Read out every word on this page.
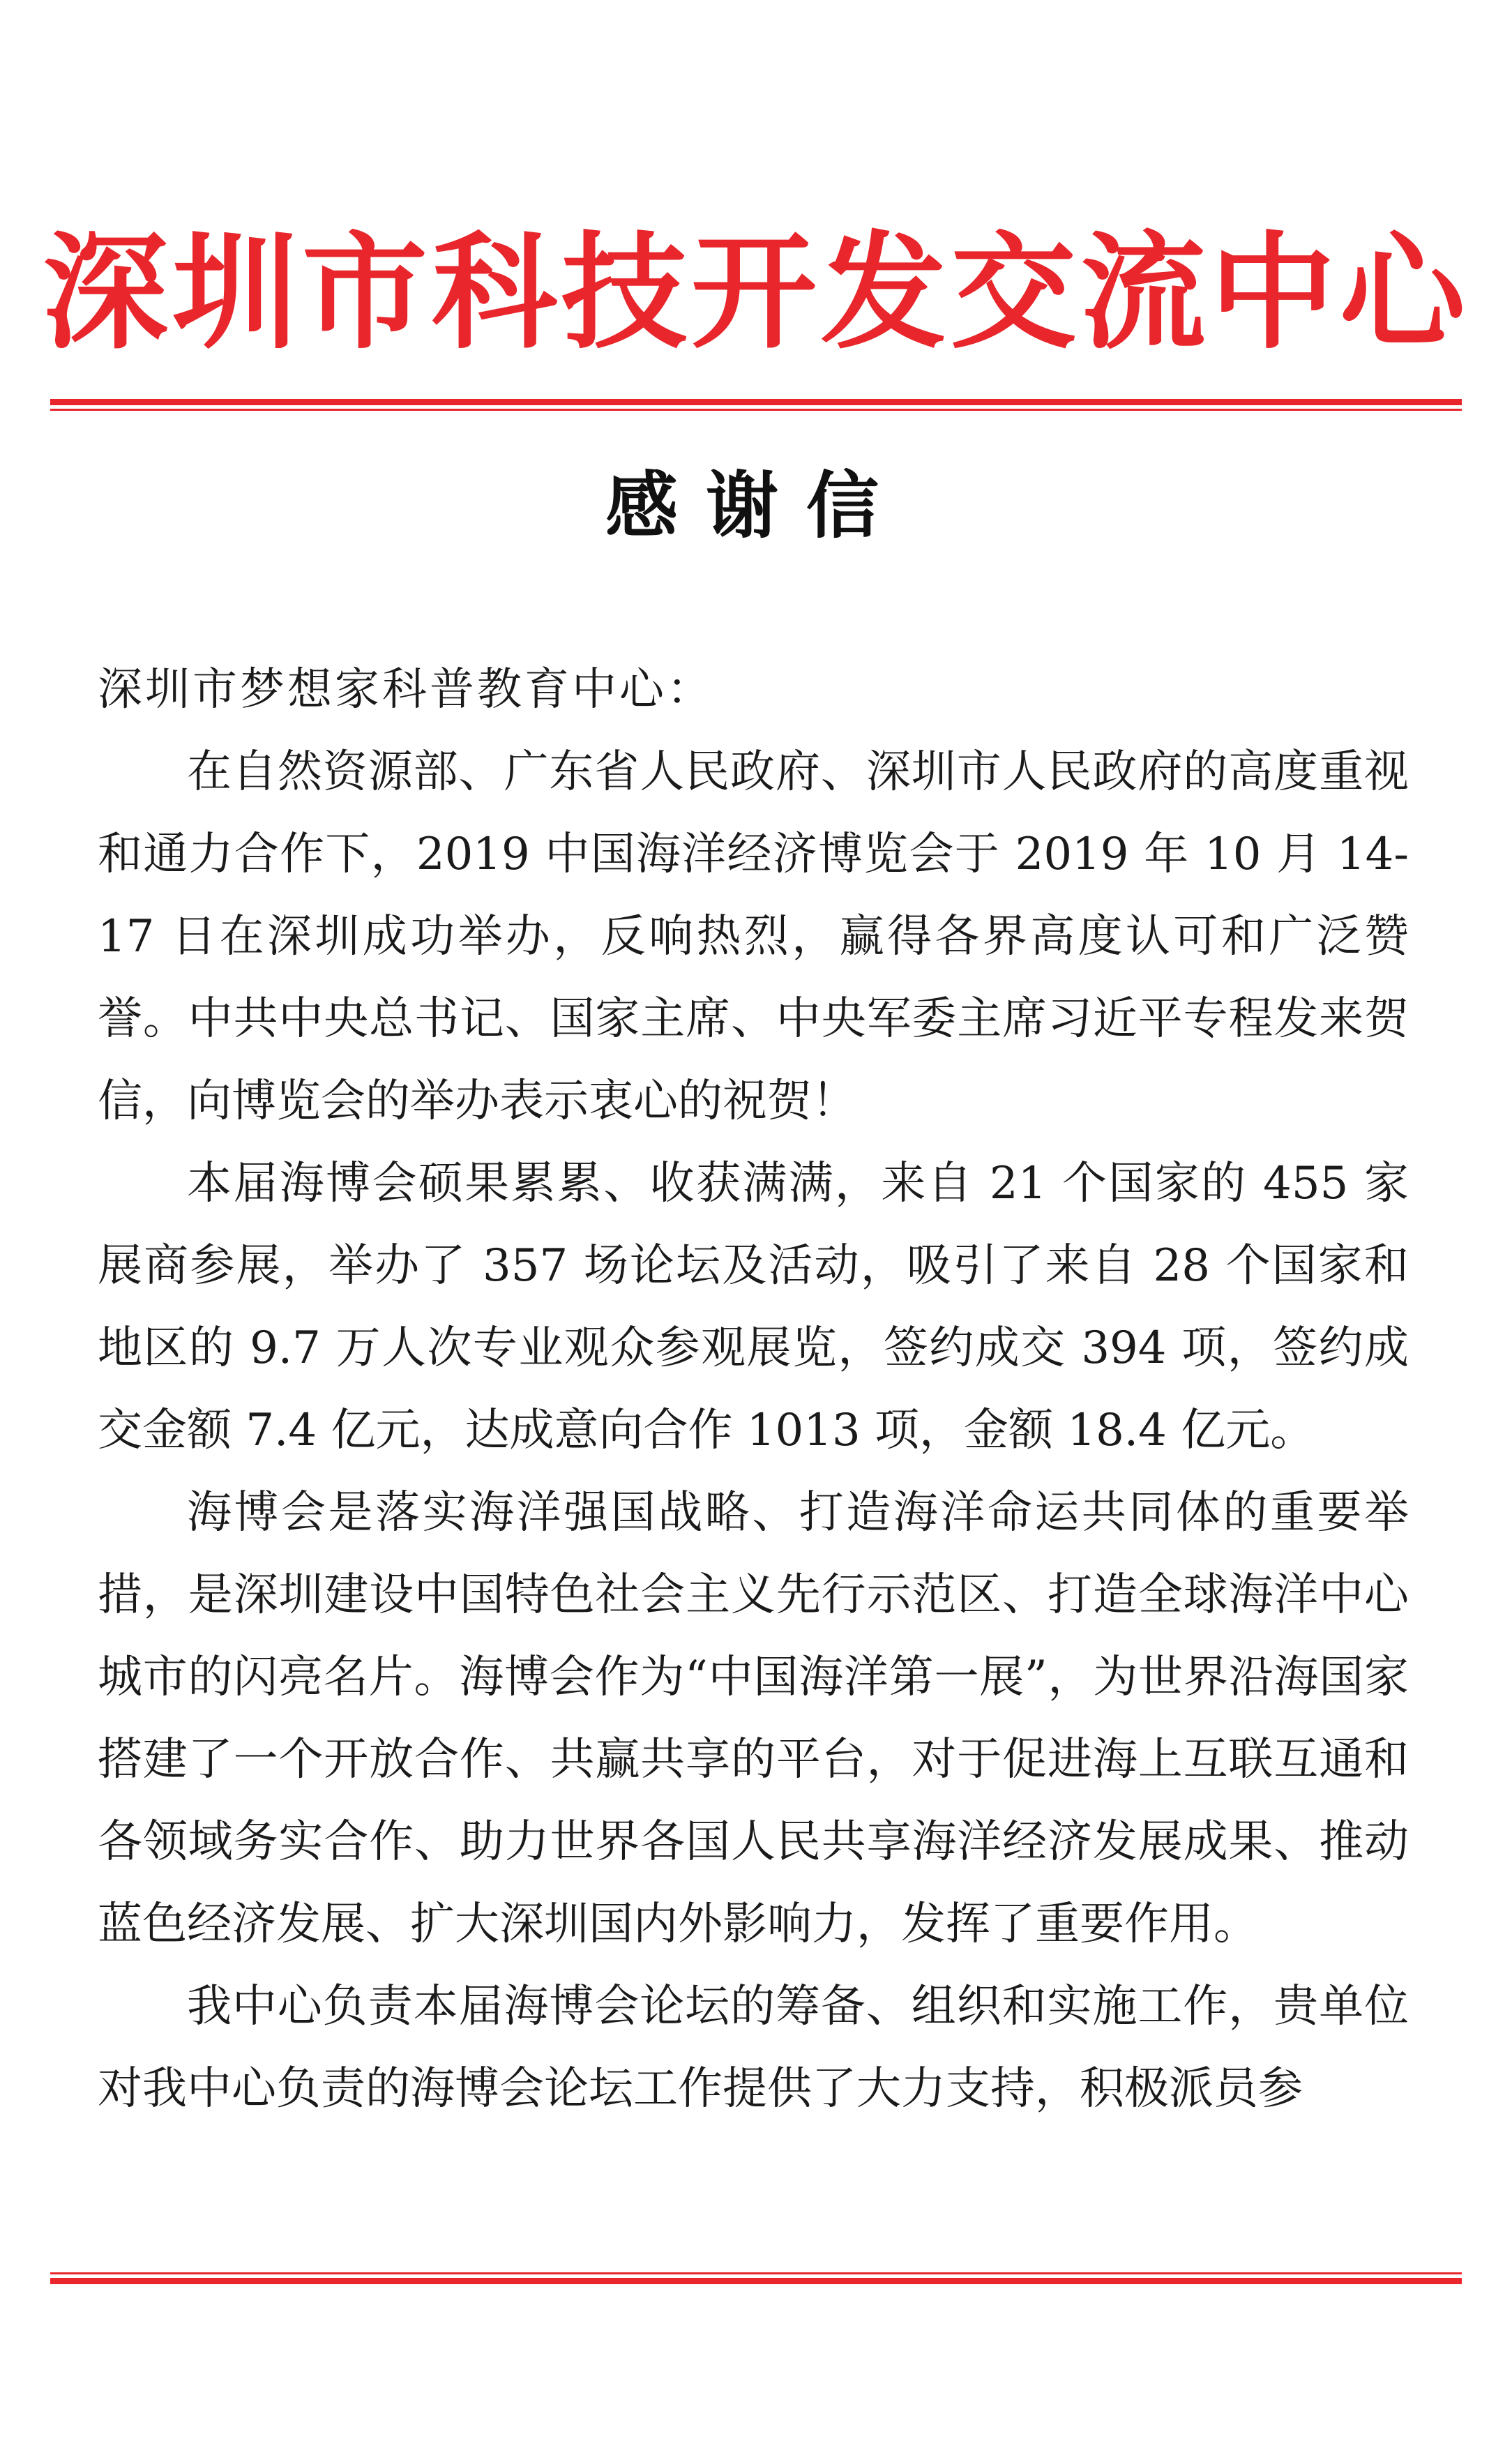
深圳市科技开发交流中心
感谢信

深圳市梦想家科普教育中心：

在自然资源部、广东省人民政府、深圳市人民政府的高度重视和通力合作下，2019 中国海洋经济博览会于 2019 年 10 月 14-17 日在深圳成功举办，反响热烈，赢得各界高度认可和广泛赞誉。中共中央总书记、国家主席、中央军委主席习近平专程发来贺信，向博览会的举办表示衷心的祝贺！

本届海博会硕果累累、收获满满，来自 21 个国家的 455 家展商参展，举办了 357 场论坛及活动，吸引了来自 28 个国家和地区的 9.7 万人次专业观众参观展览，签约成交 394 项，签约成交金额 7.4 亿元，达成意向合作 1013 项，金额 18.4 亿元。

海博会是落实海洋强国战略、打造海洋命运共同体的重要举措，是深圳建设中国特色社会主义先行示范区、打造全球海洋中心城市的闪亮名片。海博会作为“中国海洋第一展”，为世界沿海国家搭建了一个开放合作、共赢共享的平台，对于促进海上互联互通和各领域务实合作、助力世界各国人民共享海洋经济发展成果、推动蓝色经济发展、扩大深圳国内外影响力，发挥了重要作用。

我中心负责本届海博会论坛的筹备、组织和实施工作，贵单位对我中心负责的海博会论坛工作提供了大力支持，积极派员参
